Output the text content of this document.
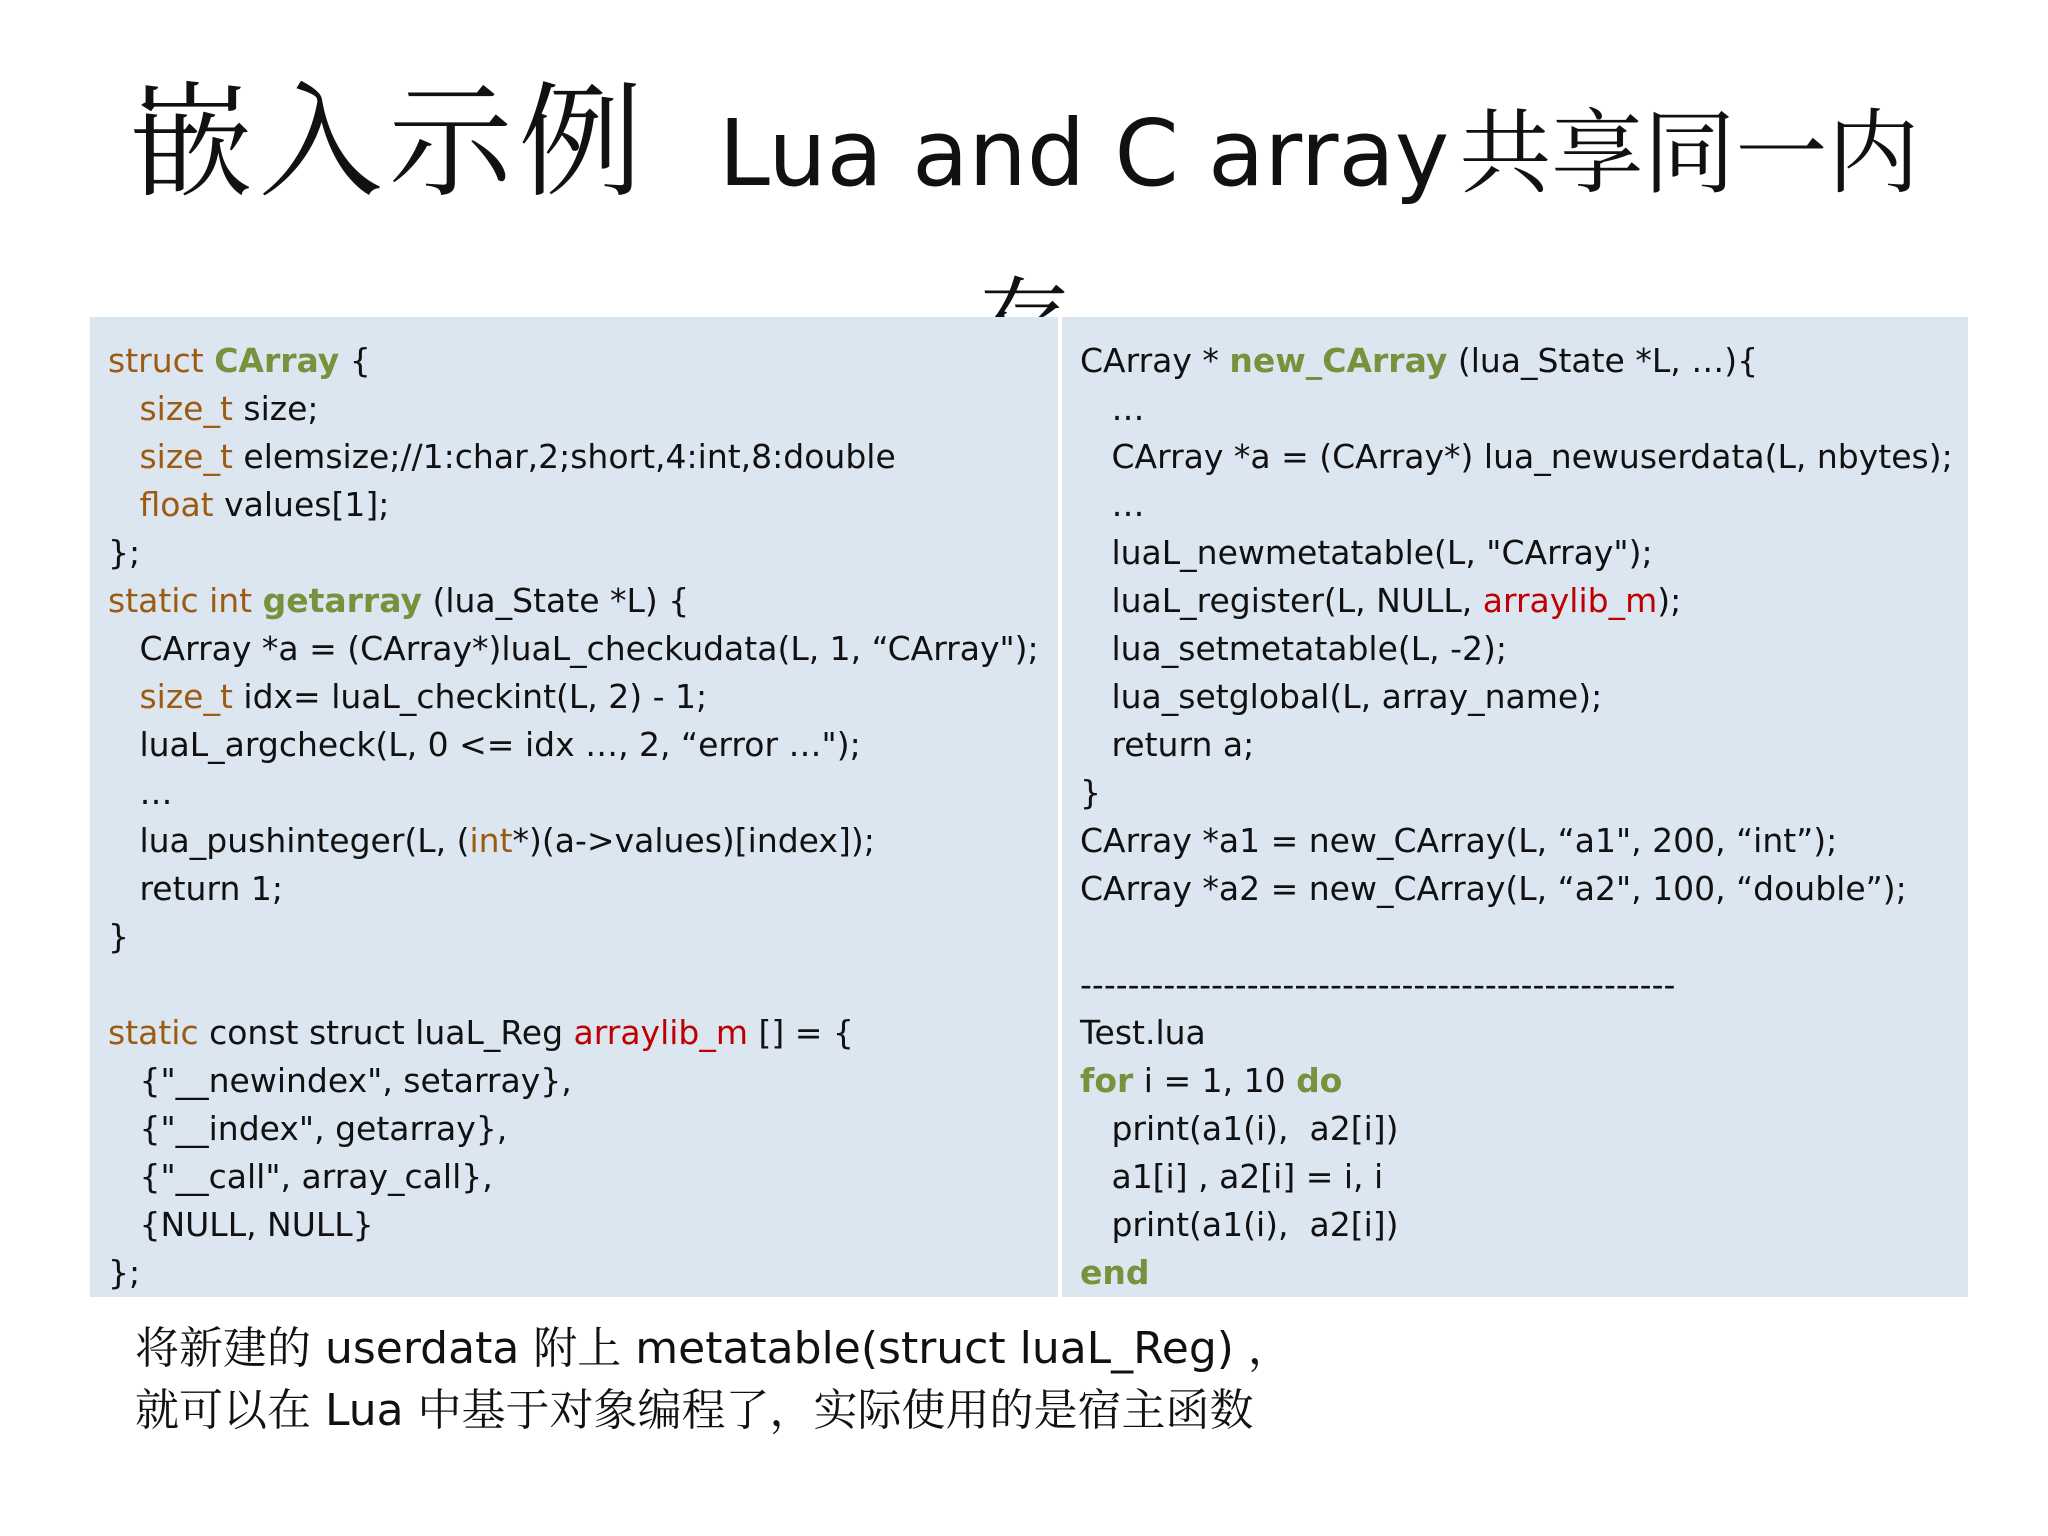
嵌入示例 Lua and C array 共享同一内
struct CArray {
size_t size;
size_t elemsize;//1:char,2;short,4:int,8:double
float values[1];
};
static int getarray (lua_State *L) {
CArray *a = (CArray*)luaL_checkudata(L, 1, “CArray");
size_t idx= luaL_checkint(L, 2) - 1;
luaL_argcheck(L, 0 <= idx …, 2, “error …");
…
lua_pushinteger(L, (int*)(a->values)[index]);
return 1;
}
static const struct luaL_Reg arraylib_m [] = {
{"__newindex", setarray},
{"__index", getarray},
{"__call", array_call},
{NULL, NULL}
};
CArray * new_CArray (lua_State *L, …){
…
CArray *a = (CArray*) lua_newuserdata(L, nbytes);
…
luaL_newmetatable(L, "CArray");
luaL_register(L, NULL, arraylib_m);
lua_setmetatable(L, -2);
lua_setglobal(L, array_name);
return a;
}
CArray *a1 = new_CArray(L, “a1", 200, “int”);
CArray *a2 = new_CArray(L, “a2", 100, “double”);
--------------------------------------------------
Test.lua
for i = 1, 10 do
print(a1(i),  a2[i])
a1[i] , a2[i] = i, i
print(a1(i),  a2[i])
end
将新建的 userdata 附上 metatable(struct luaL_Reg) ，
就可以在 Lua 中基于对象编程了，实际使用的是宿主函数
